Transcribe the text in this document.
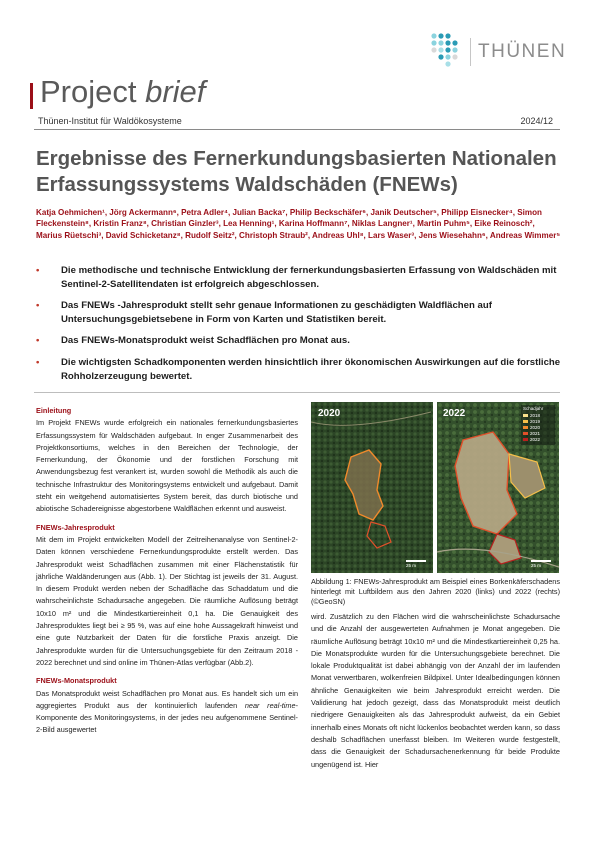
THÜNEN
Project brief
Thünen-Institut für Waldökosysteme	2024/12
Ergebnisse des Fernerkundungsbasierten Nationalen
Erfassungssystems Waldschäden (FNEWs)
Katja Oehmichen¹, Jörg Ackermann⁶, Petra Adler⁴, Julian Backa⁷, Philip Beckschäfer⁶, Janik Deutscher⁵, Philipp Eisnecker⁴, Simon Fleckenstein⁸, Kristin Franz⁸, Christian Ginzler³, Lea Henning¹, Karina Hoffmann⁷, Niklas Langner¹, Martin Puhm⁵, Eike Reinosch², Marius Rüetschi³, David Schicketanz⁸, Rudolf Seitz², Christoph Straub², Andreas Uhl⁸, Lars Waser³, Jens Wiesehahn⁶, Andreas Wimmer⁵
• Die methodische und technische Entwicklung der fernerkundungsbasierten Erfassung von Waldschäden mit Sentinel-2-Satellitendaten ist erfolgreich abgeschlossen.
• Das FNEWs -Jahresprodukt stellt sehr genaue Informationen zu geschädigten Waldflächen auf Untersuchungsgebietsebene in Form von Karten und Statistiken bereit.
• Das FNEWs-Monatsprodukt weist Schadflächen pro Monat aus.
• Die wichtigsten Schadkomponenten werden hinsichtlich ihrer ökonomischen Auswirkungen auf die forstliche Rohholzerzeugung bewertet.

Einleitung

Im Projekt FNEWs wurde erfolgreich ein nationales fernerkundungsbasiertes Erfassungssystem für Waldschäden aufgebaut. In enger Zusammenarbeit des Projektkonsortiums, welches in den Bereichen der Technologie, der Fernerkundung, der Ökonomie und der forstlichen Forschung mit Anwendungsbezug fest verankert ist, wurden sowohl die Methodik als auch die technische Infrastruktur des Monitoringsystems entwickelt und aufgebaut. Damit steht ein weitgehend automatisiertes System bereit, das durch biotische und abiotische Schadereignisse abgestorbene Waldflächen erkennt und ausweist.

FNEWs-Jahresprodukt

Mit dem im Projekt entwickelten Modell der Zeitreihenanalyse von Sentinel-2-Daten können verschiedene Fernerkundungsprodukte erstellt werden. Das Jahresprodukt weist Schadflächen zusammen mit einer Flächenstatistik für jährliche Waldänderungen aus (Abb. 1). Der Stichtag ist jeweils der 31. August. In diesem Produkt werden neben der Schadfläche das Schaddatum und die wahrscheinlichste Schadursache angegeben. Die räumliche Auflösung beträgt 10x10 m² und die Mindestkartiereinheit 0,1 ha. Die Genauigkeit des Jahresproduktes liegt bei ≥ 95 %, was auf eine hohe Aussagekraft hinweist und eine gute Nutzbarkeit der Daten für die forstliche Praxis anzeigt. Die Jahresprodukte wurden für die Untersuchungsgebiete für den Zeitraum 2018 - 2022 berechnet und sind online im Thünen-Atlas verfügbar (Abb.2).

FNEWs-Monatsprodukt

Das Monatsprodukt weist Schadflächen pro Monat aus. Es handelt sich um ein aggregiertes Produkt aus der kontinuierlich laufenden near real-time-Komponente des Monitoringsystems, in der jedes neu aufgenommene Sentinel-2-Bild ausgewertet

2020	2022	Schadjahr
2018
2019
2020
2021
2022
25 m	25 m
Abbildung 1: FNEWs-Jahresprodukt am Beispiel eines Borkenkäferschadens hinterlegt mit Luftbildern aus den Jahren 2020 (links) und 2022 (rechts) (©GeoSN)

wird. Zusätzlich zu den Flächen wird die wahrscheinlichste Schadursache und die Anzahl der ausgewerteten Aufnahmen je Monat angegeben. Die räumliche Auflösung beträgt 10x10 m² und die Mindestkartiereinheit 0,25 ha. Die Monatsprodukte wurden für die Untersuchungsgebiete berechnet. Die lokale Produktqualität ist dabei abhängig von der Anzahl der im laufenden Monat verwertbaren, wolkenfreien Bildpixel. Unter Idealbedingungen können ähnliche Genauigkeiten wie beim Jahresprodukt erreicht werden. Die Validierung hat jedoch gezeigt, dass das Monatsprodukt meist deutlich niedrigere Genauigkeiten als das Jahresprodukt aufweist, da ein Gebiet innerhalb eines Monats oft nicht lückenlos beobachtet werden kann, so dass deshalb Schadflächen unerfasst bleiben. Im Weiteren wurde festgestellt, dass die Genauigkeit der Schadursachenerkennung für beide Produkte ungenügend ist. Hier
